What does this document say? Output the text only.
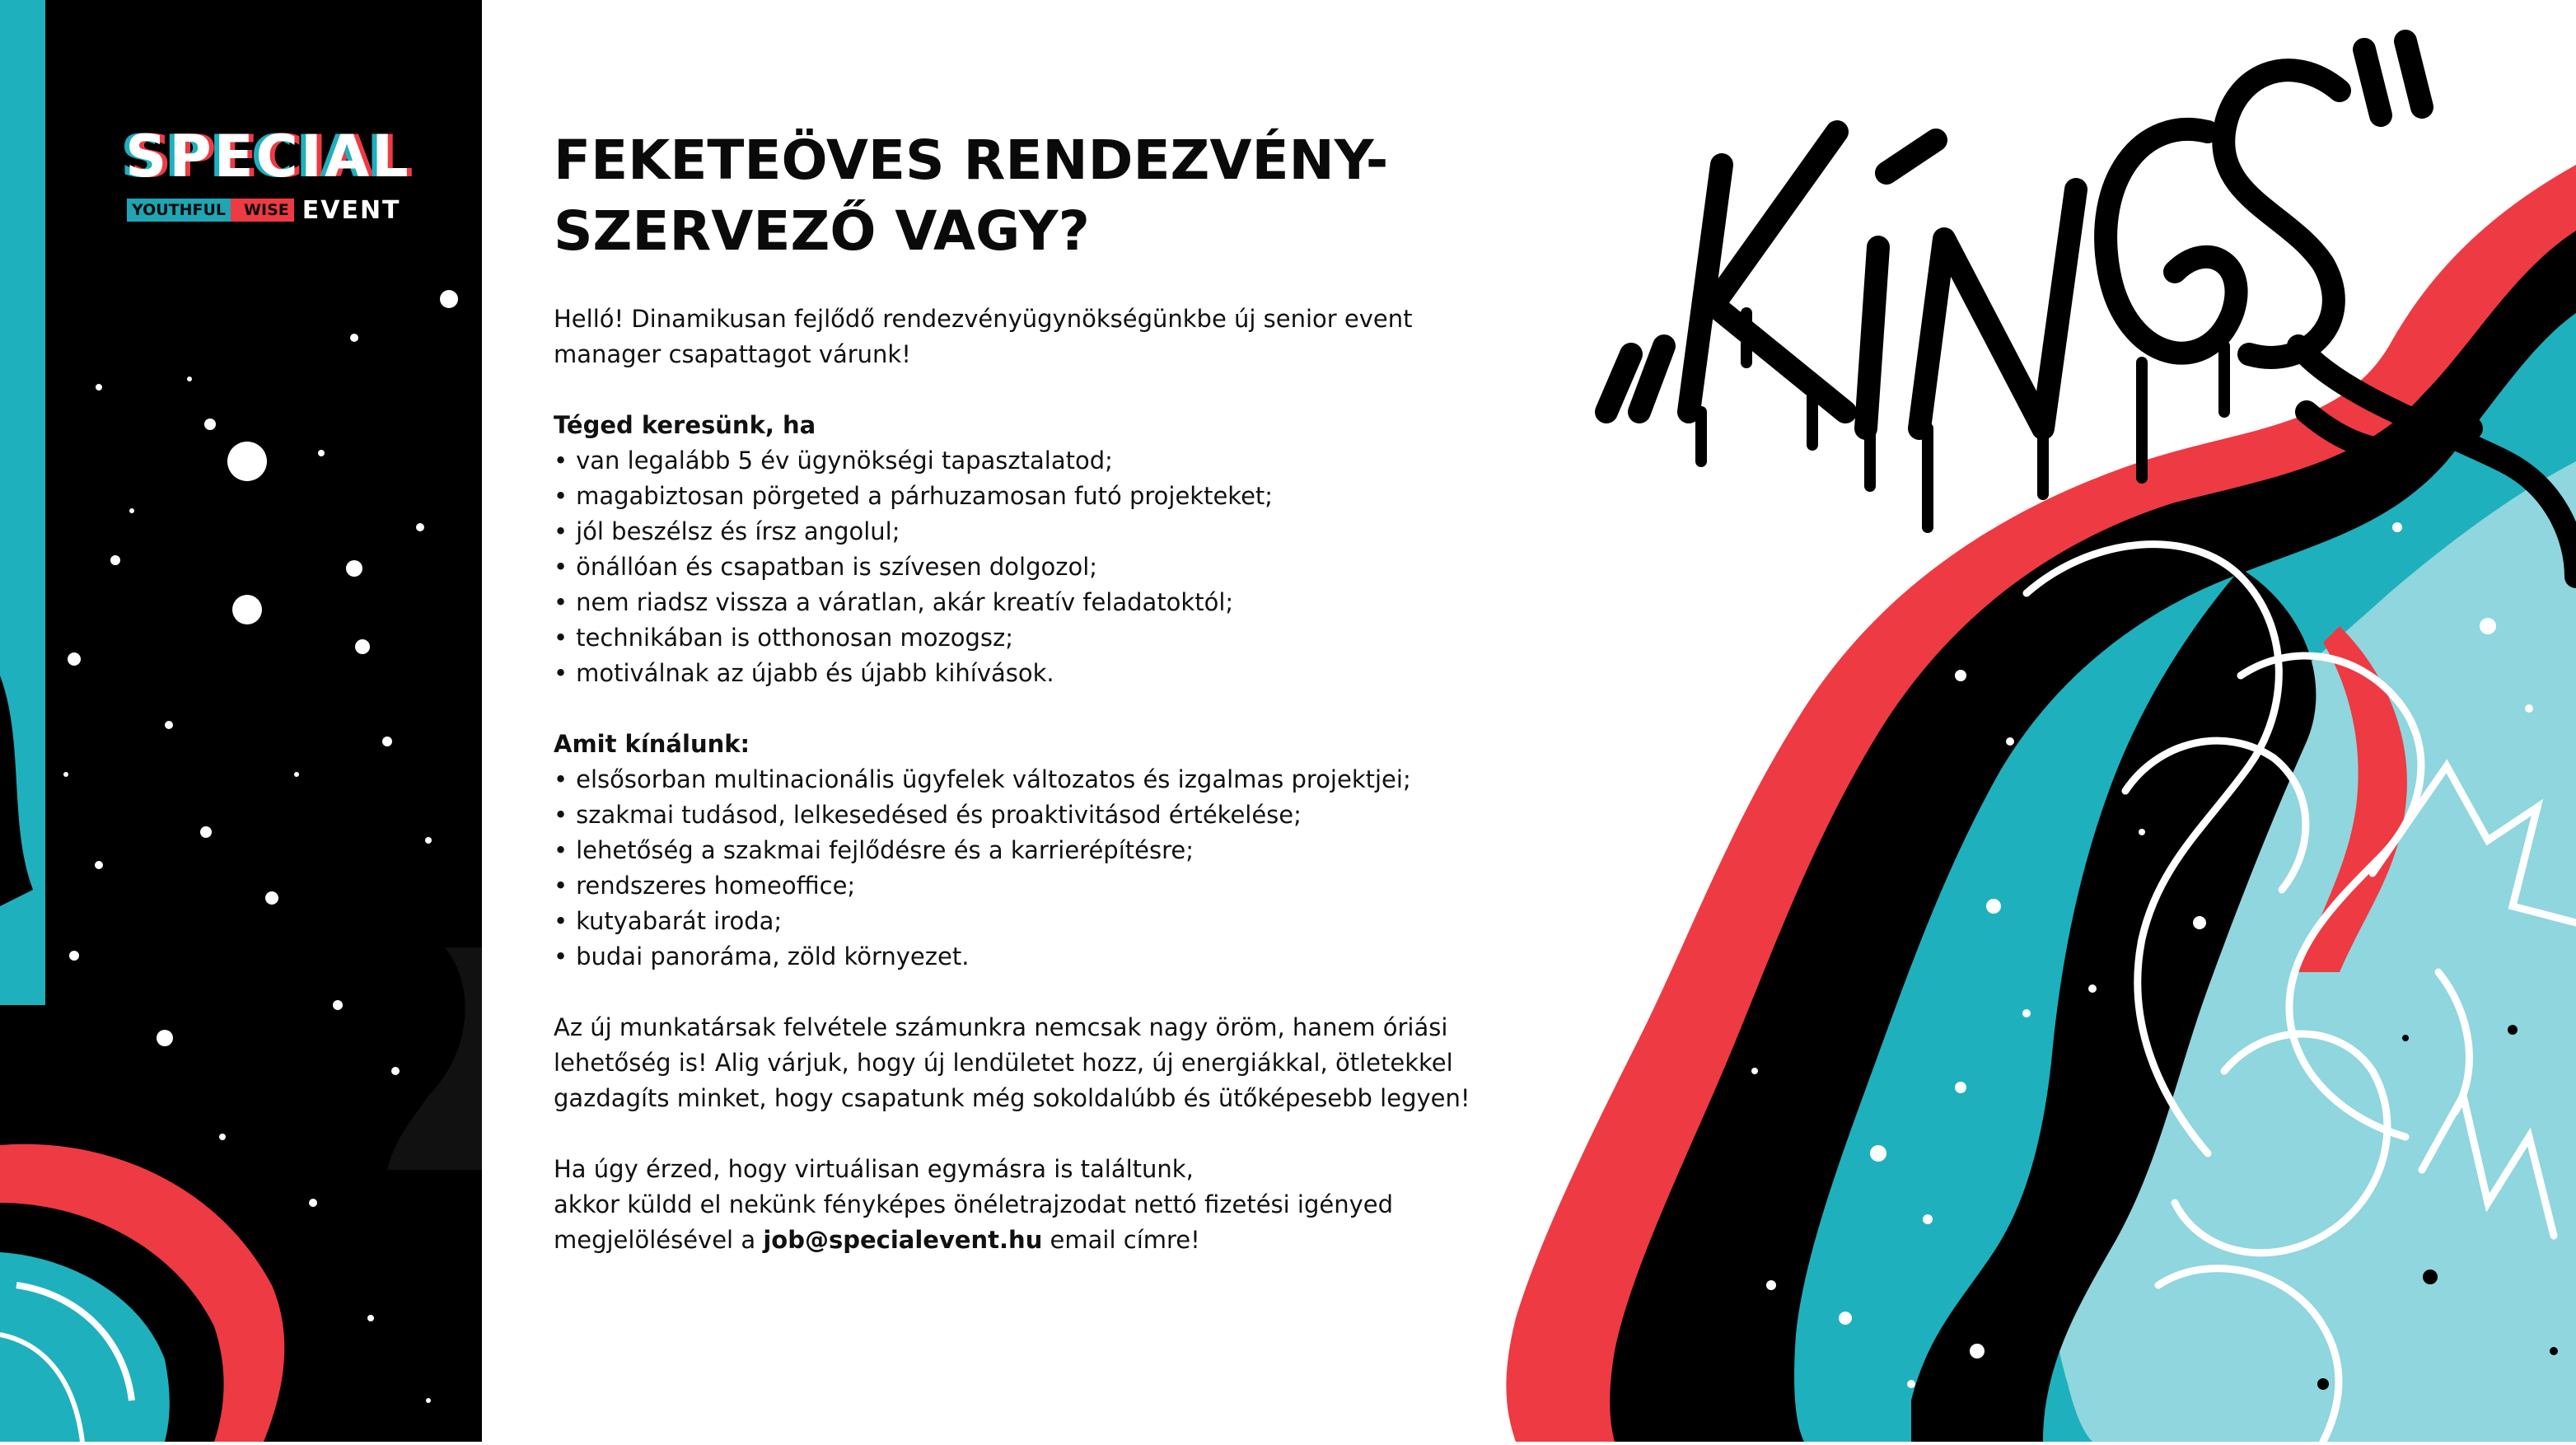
SPECIAL
YOUTHFUL	WISE EVENT
FEKETEÖVES RENDEZVÉNY-
SZERVEZŐ VAGY?

Helló! Dinamikusan fejlődő rendezvényügynökségünkbe új senior event
manager csapattagot várunk!

Téged keresünk, ha
• van legalább 5 év ügynökségi tapasztalatod;
• magabiztosan pörgeted a párhuzamosan futó projekteket;
• jól beszélsz és írsz angolul;
• önállóan és csapatban is szívesen dolgozol;
• nem riadsz vissza a váratlan, akár kreatív feladatoktól;
• technikában is otthonosan mozogsz;
• motiválnak az újabb és újabb kihívások.
Amit kínálunk:
• elsősorban multinacionális ügyfelek változatos és izgalmas projektjei;
• szakmai tudásod, lelkesedésed és proaktivitásod értékelése;
• lehetőség a szakmai fejlődésre és a karrierépítésre;
• rendszeres homeoffice;
• kutyabarát iroda;
• budai panoráma, zöld környezet.

Az új munkatársak felvétele számunkra nemcsak nagy öröm, hanem óriási
lehetőség is! Alig várjuk, hogy új lendületet hozz, új energiákkal, ötletekkel
gazdagíts minket, hogy csapatunk még sokoldalúbb és ütőképesebb legyen!

Ha úgy érzed, hogy virtuálisan egymásra is találtunk,
akkor küldd el nekünk fényképes önéletrajzodat nettó fizetési igényed
megjelölésével a job@specialevent.hu email címre!
